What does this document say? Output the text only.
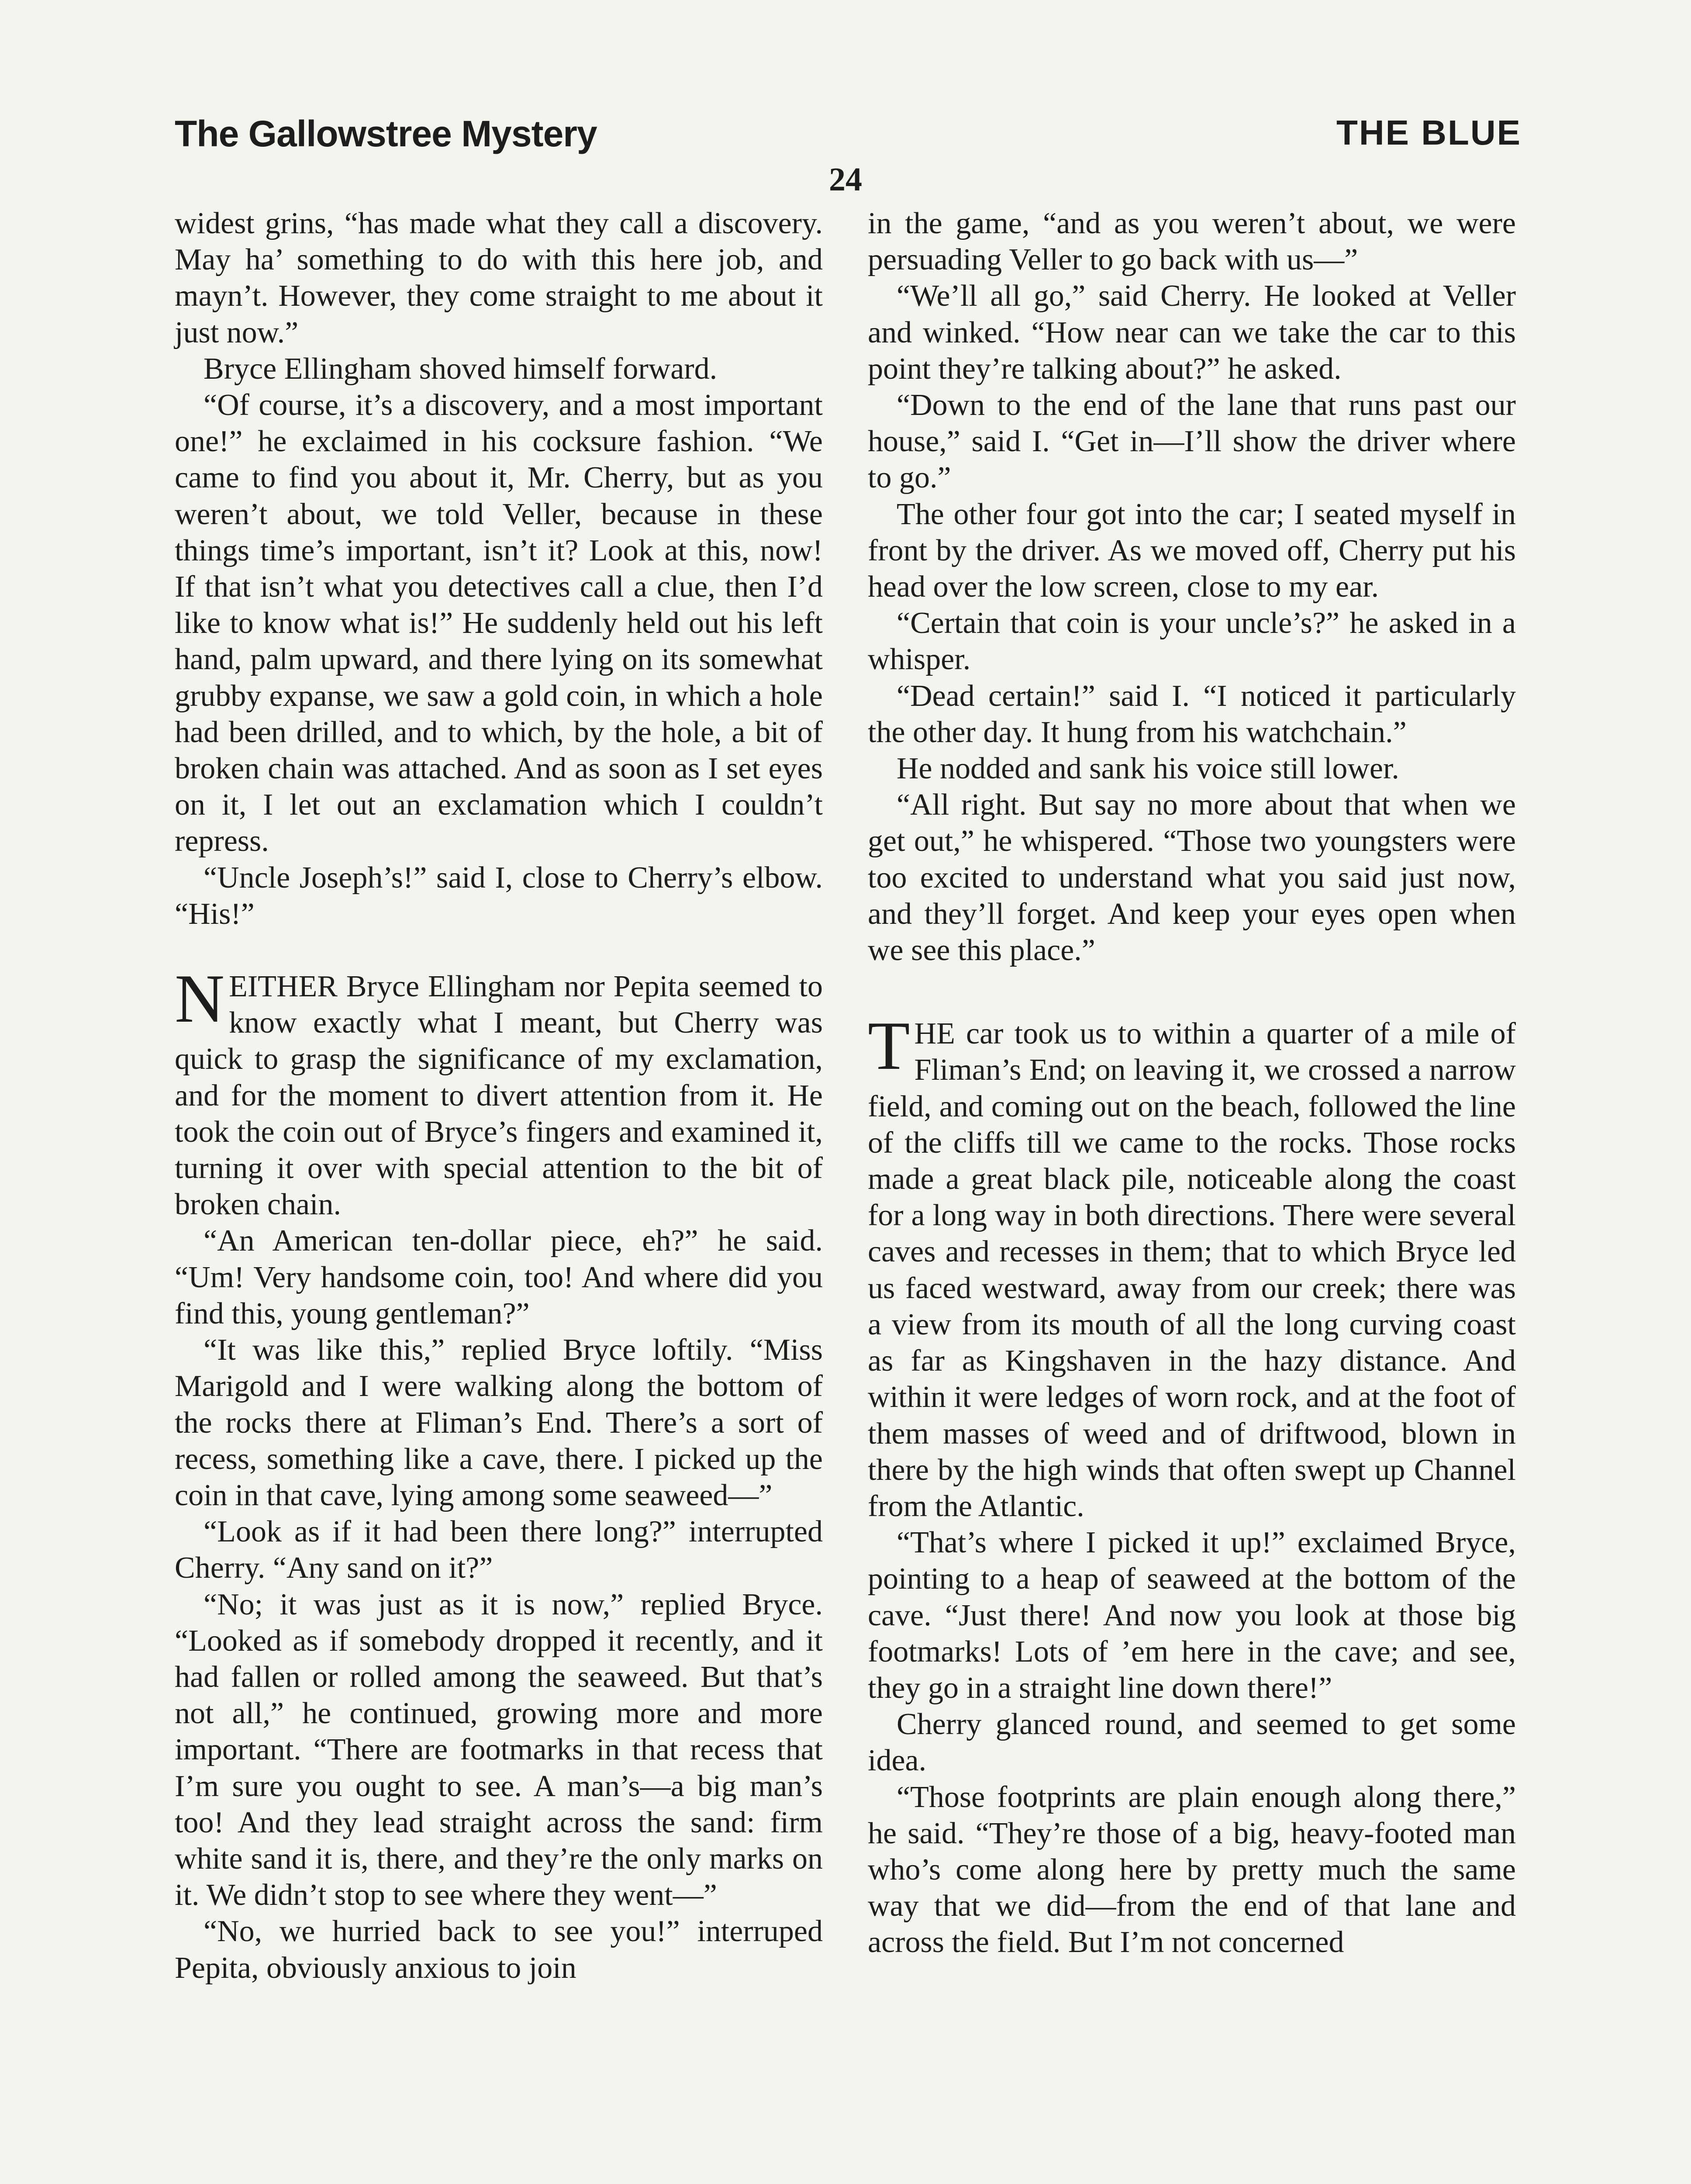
The Gallowstree Mystery	THE BLUE
24

widest grins, “has made what they call a discovery. May ha’ something to do with this here job, and mayn’t. However, they come straight to me about it just now.”

Bryce Ellingham shoved himself forward.

“Of course, it’s a discovery, and a most important one!” he exclaimed in his cocksure fashion. “We came to find you about it, Mr. Cherry, but as you weren’t about, we told Veller, because in these things time’s important, isn’t it? Look at this, now! If that isn’t what you detectives call a clue, then I’d like to know what is!” He suddenly held out his left hand, palm upward, and there lying on its somewhat grubby expanse, we saw a gold coin, in which a hole had been drilled, and to which, by the hole, a bit of broken chain was attached. And as soon as I set eyes on it, I let out an exclamation which I couldn’t repress.

“Uncle Joseph’s!” said I, close to Cherry’s elbow. “His!”

NEITHER Bryce Ellingham nor Pepita seemed to know exactly what I meant, but Cherry was quick to grasp the significance of my exclamation, and for the moment to divert attention from it. He took the coin out of Bryce’s fingers and examined it, turning it over with special attention to the bit of broken chain.

“An American ten-dollar piece, eh?” he said. “Um! Very handsome coin, too! And where did you find this, young gentleman?”

“It was like this,” replied Bryce loftily. “Miss Marigold and I were walking along the bottom of the rocks there at Fliman’s End. There’s a sort of recess, something like a cave, there. I picked up the coin in that cave, lying among some seaweed—”

“Look as if it had been there long?” interrupted Cherry. “Any sand on it?”

“No; it was just as it is now,” replied Bryce. “Looked as if somebody dropped it recently, and it had fallen or rolled among the seaweed. But that’s not all,” he continued, growing more and more important. “There are footmarks in that recess that I’m sure you ought to see. A man’s—a big man’s too! And they lead straight across the sand: firm white sand it is, there, and they’re the only marks on it. We didn’t stop to see where they went—”

“No, we hurried back to see you!” interruped Pepita, obviously anxious to join

in the game, “and as you weren’t about, we were persuading Veller to go back with us—”

“We’ll all go,” said Cherry. He looked at Veller and winked. “How near can we take the car to this point they’re talking about?” he asked.

“Down to the end of the lane that runs past our house,” said I. “Get in—I’ll show the driver where to go.”

The other four got into the car; I seated myself in front by the driver. As we moved off, Cherry put his head over the low screen, close to my ear.

“Certain that coin is your uncle’s?” he asked in a whisper.

“Dead certain!” said I. “I noticed it particularly the other day. It hung from his watchchain.”

He nodded and sank his voice still lower.

“All right. But say no more about that when we get out,” he whispered. “Those two youngsters were too excited to understand what you said just now, and they’ll forget. And keep your eyes open when we see this place.”

THE car took us to within a quarter of a mile of Fliman’s End; on leaving it, we crossed a narrow field, and coming out on the beach, followed the line of the cliffs till we came to the rocks. Those rocks made a great black pile, noticeable along the coast for a long way in both directions. There were several caves and recesses in them; that to which Bryce led us faced westward, away from our creek; there was a view from its mouth of all the long curving coast as far as Kingshaven in the hazy distance. And within it were ledges of worn rock, and at the foot of them masses of weed and of driftwood, blown in there by the high winds that often swept up Channel from the Atlantic.

“That’s where I picked it up!” exclaimed Bryce, pointing to a heap of seaweed at the bottom of the cave. “Just there! And now you look at those big footmarks! Lots of ’em here in the cave; and see, they go in a straight line down there!”

Cherry glanced round, and seemed to get some idea.

“Those footprints are plain enough along there,” he said. “They’re those of a big, heavy-footed man who’s come along here by pretty much the same way that we did—from the end of that lane and across the field. But I’m not concerned
